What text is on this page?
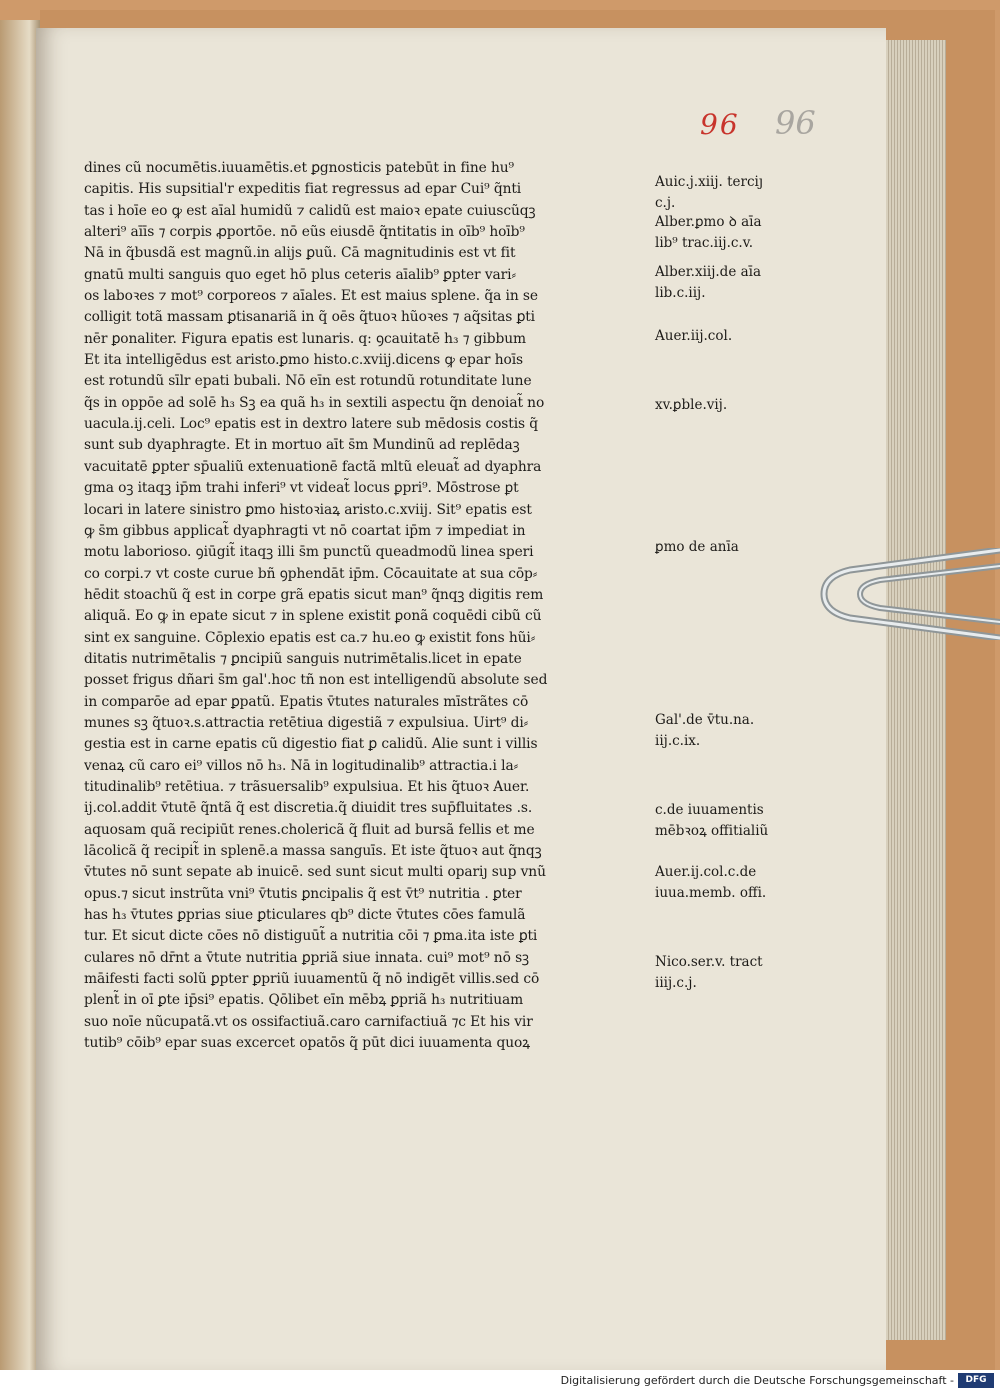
96 96
dines cũ nocumētis.iuuamētis.et ꝑgnosticis patebūt in fine hu⁹
capitis. His supsitial'r expeditis fiat regressus ad epar Cui⁹ q̃nti
tas i hoīe eo ꝙ est aīal humidũ ⁊ calidũ est maioꝛ epate cuiuscũqꝫ
alteri⁹ aīīs ⁊ corpis ꝓportōe. nō eũs eiusdē q̃ntitatis in oīb⁹ hoīb⁹
Nā in q̃busdã est magnũ.in alijs ꝑuũ. Cā magnitudinis est vt fit
gnatū multi sanguis quo eget hō plus ceteris aīalib⁹ ꝑpter vari⸗
os laboꝛes ⁊ mot⁹ corporeos ⁊ aīales. Et est maius splene. q̃a in se
colligit totã massam ꝑtisanariã in q̃ oēs q̃tuoꝛ hũoꝛes ⁊ aq̃sitas ꝑti
nēr ꝑonaliter. Figura epatis est lunaris. q: ꝯcauitatē h₃ ⁊ gibbum
Et ita intelligēdus est aristo.ꝑmo histo.c.xviij.dicens ꝙ epar hoīs
est rotundũ sīlr epati bubali. Nō eīn est rotundũ rotunditate lune
q̃s in oppōe ad solē h₃ Sꝫ ea quã h₃ in sextili aspectu q̃n denoiat̃ no
uacula.ij.celi. Loc⁹ epatis est in dextro latere sub mēdosis costis q̃
sunt sub dyaphragte. Et in mortuo aīt s̄m Mundinũ ad replēdaꝫ
vacuitatē ꝑpter sp̄ualiũ extenuationē factã mltũ eleuat̃ ad dyaphra
gma oꝫ itaqꝫ ip̄m trahi inferi⁹ vt videat̃ locus ꝑpri⁹. Mōstrose ꝑt
locari in latere sinistro ꝑmo histoꝛiaꝝ aristo.c.xviij. Sit⁹ epatis est
ꝙ s̄m gibbus applicat̃ dyaphragti vt nō coartat ip̄m ⁊ impediat in
motu laborioso. ꝯiūgit̃ itaqꝫ illi s̄m punctũ queadmodũ linea speri
co corpi.⁊ vt coste curue bñ ꝯphendāt ip̄m. Cōcauitate at sua cōp⸗
hēdit stoachũ q̃ est in corpe grã epatis sicut man⁹ q̃nqꝫ digitis rem
aliquã. Eo ꝙ in epate sicut ⁊ in splene existit ꝑonã coquēdi cibũ cũ
sint ex sanguine. Cōplexio epatis est ca.⁊ hu.eo ꝙ existit fons hũi⸗
ditatis nutrimētalis ⁊ ꝑncipiũ sanguis nutrimētalis.licet in epate
posset frigus dñari s̄m gal'.hoc tñ non est intelligendũ absolute sed
in comparōe ad epar ꝑpatũ. Epatis v̄tutes naturales mīstrãtes cō
munes sꝫ q̃tuoꝛ.s.attractia retētiua digestiã ⁊ expulsiua. Uirt⁹ di⸗
gestia est in carne epatis cũ digestio fiat ꝑ calidũ. Alie sunt i villis
venaꝝ cũ caro ei⁹ villos nō h₃. Nā in logitudinalib⁹ attractia.i la⸗
titudinalib⁹ retētiua. ⁊ trãsuersalib⁹ expulsiua. Et his q̃tuoꝛ Auer.
ij.col.addit v̄tutē q̃ntã q̃ est discretia.q̃ diuidit tres sup̄fluitates .s.
aquosam quã recipiūt renes.cholericã q̃ fluit ad bursã fellis et me
lācolicã q̃ recipit̃ in splenē.a massa sanguīs. Et iste q̃tuoꝛ aut q̃nqꝫ
v̄tutes nō sunt sepate ab inuicē. sed sunt sicut multi opariȷ sup vnũ
opus.⁊ sicut instrũta vni⁹ v̄tutis ꝑncipalis q̃ est v̄t⁹ nutritia . ꝑter
has h₃ v̄tutes ꝑprias siue ꝑticulares qb⁹ dicte v̄tutes cōes famulã
tur. Et sicut dicte cōes nō distiguūt̃ a nutritia cōi ⁊ ꝑma.ita iste ꝑti
culares nō dr̄nt a v̄tute nutritia ꝑpriã siue innata. cui⁹ mot⁹ nō sꝫ
māifesti facti solũ ꝑpter ꝑpriũ iuuamentũ q̃ nō indigēt villis.sed cō
plent̃ in oī ꝑte ip̄si⁹ epatis. Qōlibet eīn mēbꝝ ꝑpriã h₃ nutritiuam
suo noīe nũcupatã.vt os ossifactiuã.caro carnifactiuã ⁊c Et his vir
tutib⁹ cōib⁹ epar suas excercet opatōs q̃ pūt dici iuuamenta quoꝝ
Auic.j.xiij. terciȷ
c.j.
Alber.ꝑmo ꝺ aīa
lib⁹ trac.iij.c.v.
Alber.xiij.de aīa
lib.c.iij.
Auer.iij.col.
xv.ꝑble.vij.
ꝑmo de anīa
Gal'.de v̄tu.na.
iij.c.ix.
c.de iuuamentis
mēbꝛoꝝ offitialiũ
Auer.ij.col.c.de
iuua.memb. offi.
Nico.ser.v. tract
iiij.c.j.
Digitalisierung gefördert durch die Deutsche Forschungsgemeinschaft -	DFG
